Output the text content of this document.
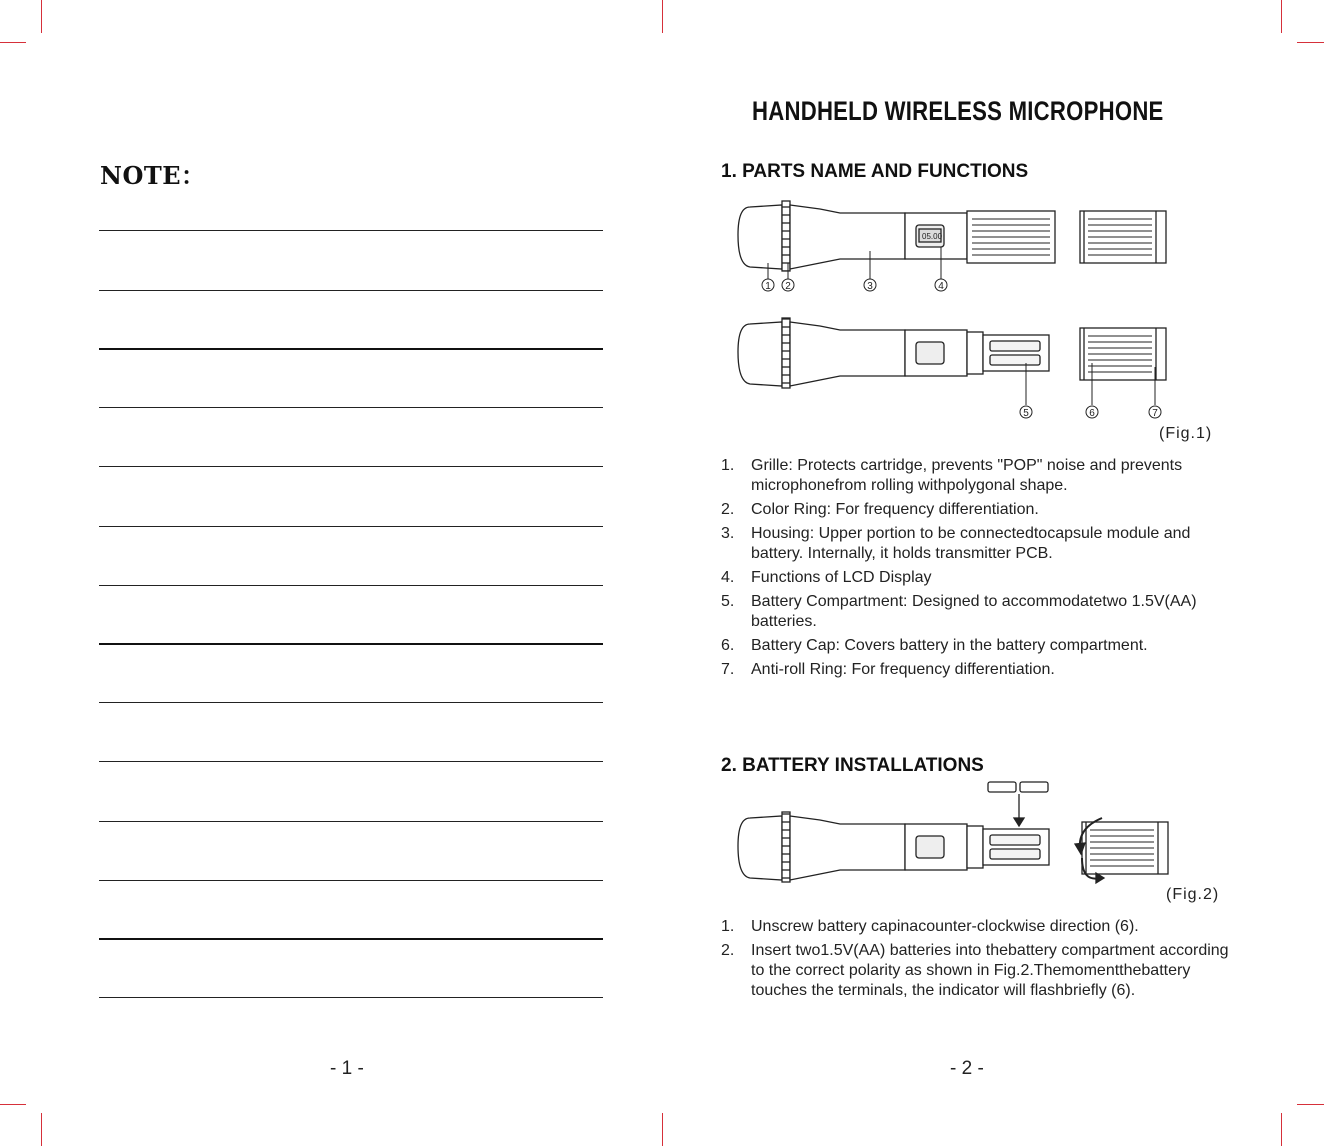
NOTE：
- 1 -
HANDHELD WIRELESS MICROPHONE
1. PARTS NAME AND FUNCTIONS
05.00
1 2	3	4
5	6	7
(Fig.1)
1. Grille: Protects cartridge, prevents "POP" noise and prevents microphonefrom rolling withpolygonal shape.
2. Color Ring: For frequency differentiation.
3. Housing: Upper portion to be connectedtocapsule module and battery. Internally, it holds transmitter PCB.
4. Functions of LCD Display
5. Battery Compartment: Designed to accommodatetwo 1.5V(AA) batteries.
6. Battery Cap: Covers battery in the battery compartment.
7. Anti-roll Ring: For frequency differentiation.
2. BATTERY INSTALLATIONS
(Fig.2)
1. Unscrew battery capinacounter-clockwise direction (6).
2. Insert two1.5V(AA) batteries into thebattery compartment according to the correct polarity as shown in Fig.2.Themomentthebattery touches the terminals, the indicator will flashbriefly (6).
- 2 -
